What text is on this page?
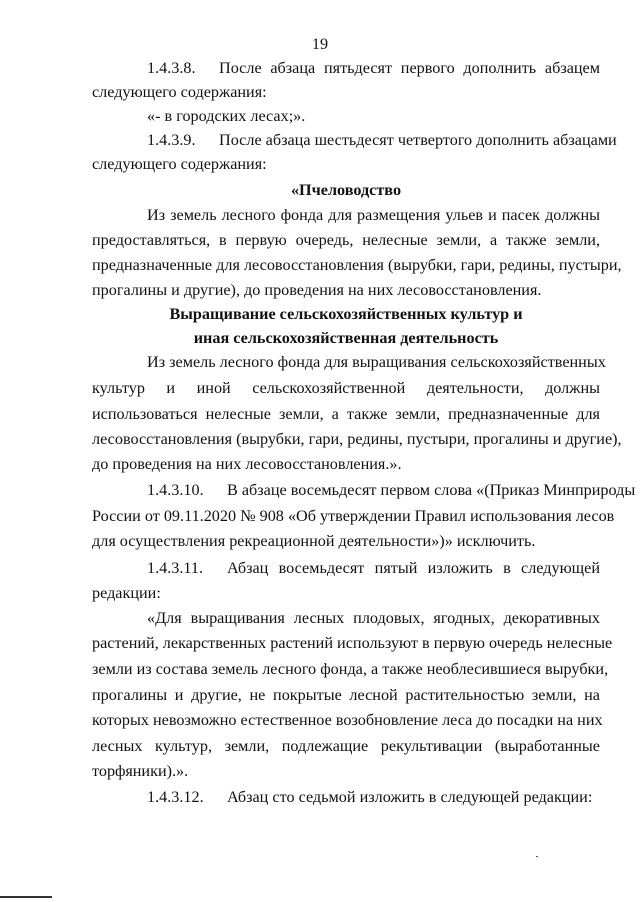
19
1.4.3.8. После абзаца пятьдесят первого дополнить абзацем
следующего содержания:
«- в городских лесах;».
1.4.3.9. После абзаца шестьдесят четвертого дополнить абзацами
следующего содержания:
«Пчеловодство
Из земель лесного фонда для размещения ульев и пасек должны
предоставляться, в первую очередь, нелесные земли, а также земли,
предназначенные для лесовосстановления (вырубки, гари, редины, пустыри,
прогалины и другие), до проведения на них лесовосстановления.
Выращивание сельскохозяйственных культур и
иная сельскохозяйственная деятельность
Из земель лесного фонда для выращивания сельскохозяйственных
культур и иной сельскохозяйственной деятельности, должны
использоваться нелесные земли, а также земли, предназначенные для
лесовосстановления (вырубки, гари, редины, пустыри, прогалины и другие),
до проведения на них лесовосстановления.».
1.4.3.10. В абзаце восемьдесят первом слова «(Приказ Минприроды
России от 09.11.2020 № 908 «Об утверждении Правил использования лесов
для осуществления рекреационной деятельности»)» исключить.
1.4.3.11. Абзац восемьдесят пятый изложить в следующей
редакции:
«Для выращивания лесных плодовых, ягодных, декоративных
растений, лекарственных растений используют в первую очередь нелесные
земли из состава земель лесного фонда, а также необлесившиеся вырубки,
прогалины и другие, не покрытые лесной растительностью земли, на
которых невозможно естественное возобновление леса до посадки на них
лесных культур, земли, подлежащие рекультивации (выработанные
торфяники).».
1.4.3.12. Абзац сто седьмой изложить в следующей редакции:
